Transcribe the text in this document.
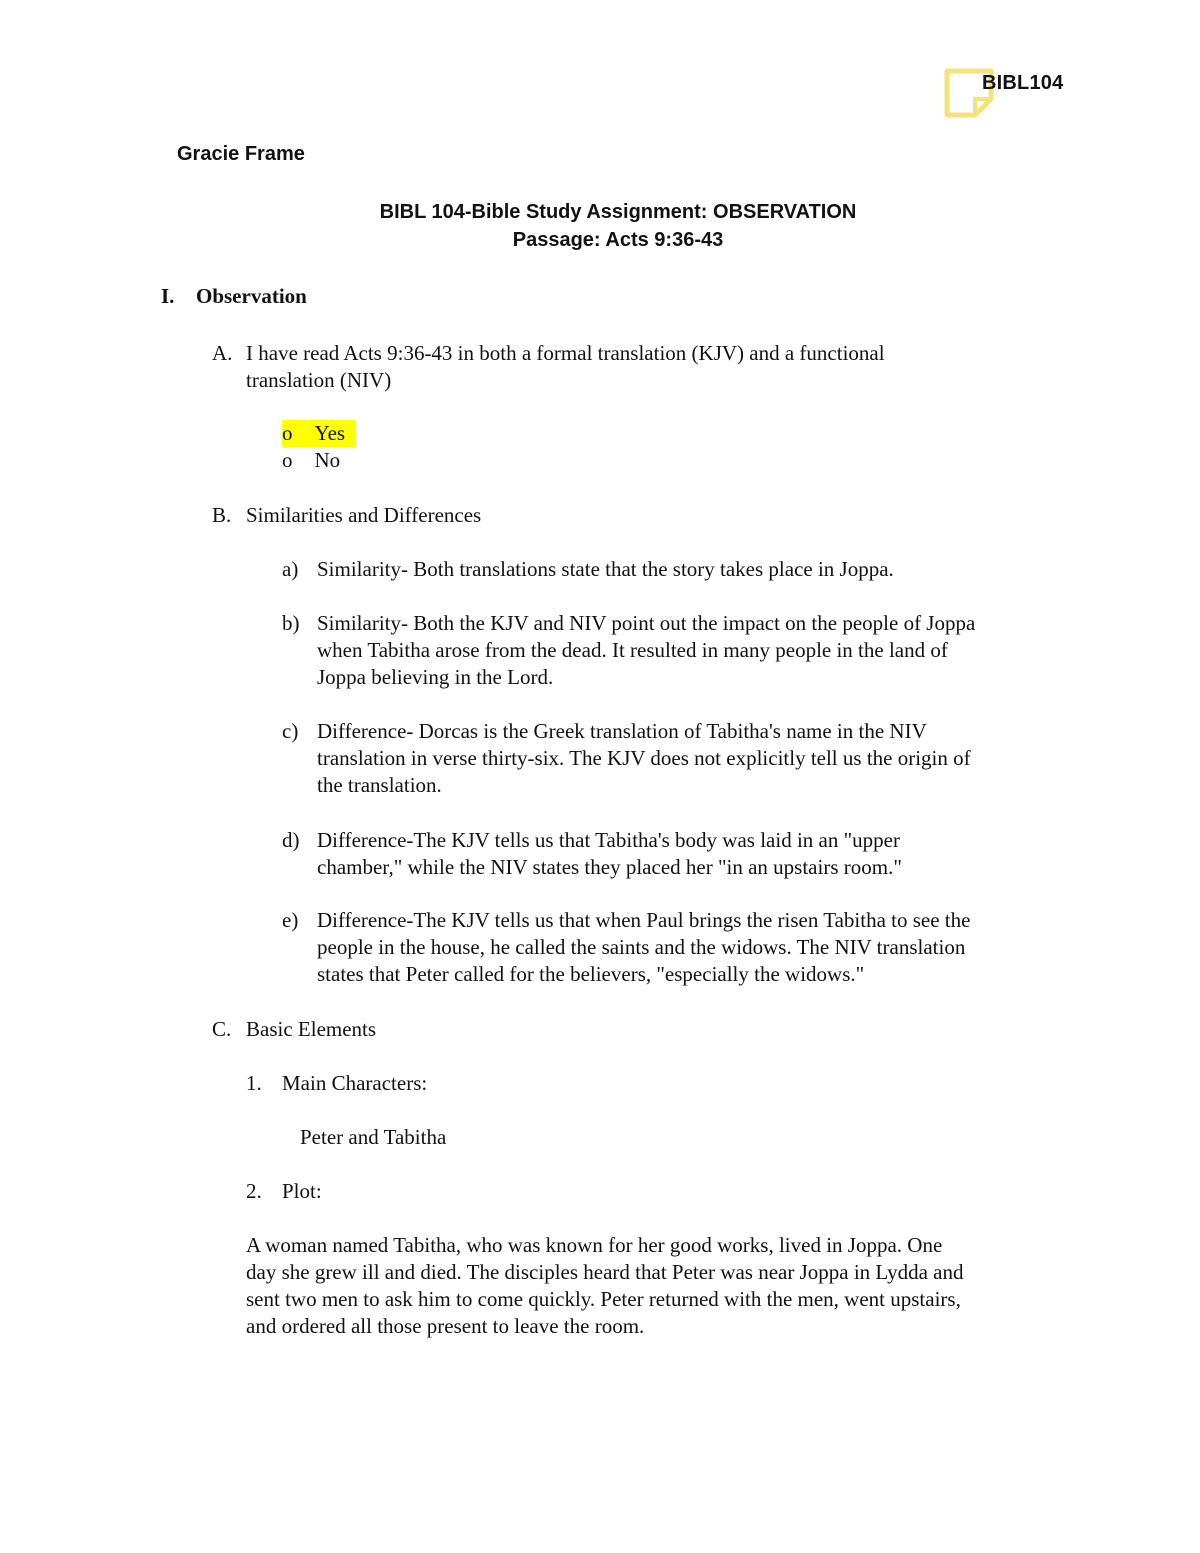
BIBL104
Gracie Frame
BIBL 104-Bible Study Assignment: OBSERVATION
Passage: Acts 9:36-43
I. Observation
A. I have read Acts 9:36-43 in both a formal translation (KJV) and a functional
translation (NIV)
o Yes
o No
B. Similarities and Differences
a) Similarity- Both translations state that the story takes place in Joppa.
b) Similarity- Both the KJV and NIV point out the impact on the people of Joppa
when Tabitha arose from the dead. It resulted in many people in the land of
Joppa believing in the Lord.
c) Difference- Dorcas is the Greek translation of Tabitha's name in the NIV
translation in verse thirty-six. The KJV does not explicitly tell us the origin of
the translation.
d) Difference-The KJV tells us that Tabitha's body was laid in an "upper
chamber," while the NIV states they placed her "in an upstairs room."
e) Difference-The KJV tells us that when Paul brings the risen Tabitha to see the
people in the house, he called the saints and the widows. The NIV translation
states that Peter called for the believers, "especially the widows."
C. Basic Elements
1. Main Characters:
Peter and Tabitha
2. Plot:
A woman named Tabitha, who was known for her good works, lived in Joppa. One
day she grew ill and died. The disciples heard that Peter was near Joppa in Lydda and
sent two men to ask him to come quickly. Peter returned with the men, went upstairs,
and ordered all those present to leave the room.
